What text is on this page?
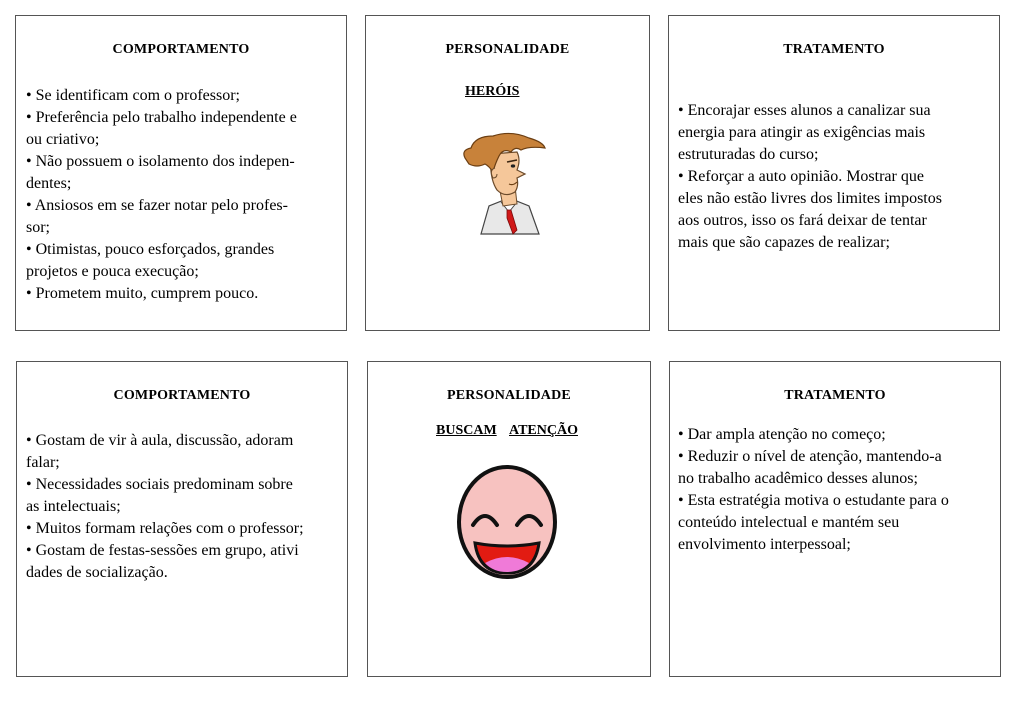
COMPORTAMENTO
• Se identificam com o professor;
• Preferência pelo trabalho independente e
ou criativo;
• Não possuem o isolamento dos indepen-
dentes;
• Ansiosos em se fazer notar pelo profes-
sor;
• Otimistas, pouco esforçados, grandes
projetos e pouca execução;
• Prometem muito, cumprem pouco.
PERSONALIDADE
HERÓIS
TRATAMENTO
• Encorajar esses alunos a canalizar sua
energia para atingir as exigências mais
estruturadas do curso;
• Reforçar a auto opinião. Mostrar que
eles não estão livres dos limites impostos
aos outros, isso os fará deixar de tentar
mais que são capazes de realizar;
COMPORTAMENTO
• Gostam de vir à aula, discussão, adoram
falar;
• Necessidades sociais predominam sobre
as intelectuais;
• Muitos formam relações com o professor;
• Gostam de festas-sessões em grupo, ativi
dades de socialização.
PERSONALIDADE
BUSCAM ATENÇÃO
TRATAMENTO
• Dar ampla atenção no começo;
• Reduzir o nível de atenção, mantendo-a
no trabalho acadêmico desses alunos;
• Esta estratégia motiva o estudante para o
conteúdo intelectual e mantém seu
envolvimento interpessoal;
